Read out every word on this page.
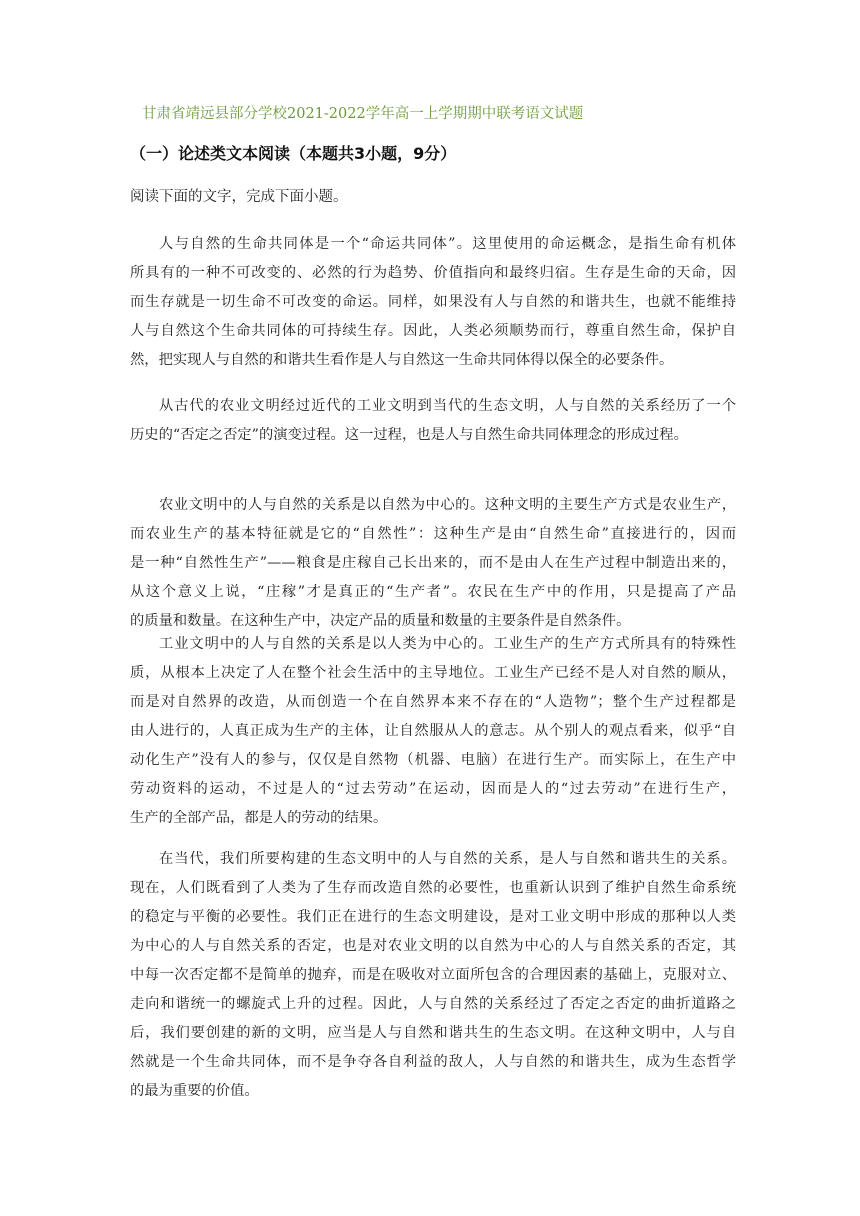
甘肃省靖远县部分学校2021-2022学年高一上学期期中联考语文试题
（一）论述类文本阅读（本题共3小题，9分）
阅读下面的文字，完成下面小题。
人与自然的生命共同体是一个“命运共同体”。这里使用的命运概念，是指生命有机体
所具有的一种不可改变的、必然的行为趋势、价值指向和最终归宿。生存是生命的天命，因
而生存就是一切生命不可改变的命运。同样，如果没有人与自然的和谐共生，也就不能维持
人与自然这个生命共同体的可持续生存。因此，人类必须顺势而行，尊重自然生命，保护自
然，把实现人与自然的和谐共生看作是人与自然这一生命共同体得以保全的必要条件。
从古代的农业文明经过近代的工业文明到当代的生态文明，人与自然的关系经历了一个
历史的“否定之否定”的演变过程。这一过程，也是人与自然生命共同体理念的形成过程。
农业文明中的人与自然的关系是以自然为中心的。这种文明的主要生产方式是农业生产，
而农业生产的基本特征就是它的“自然性”：这种生产是由“自然生命”直接进行的，因而
是一种“自然性生产”——粮食是庄稼自己长出来的，而不是由人在生产过程中制造出来的，
从这个意义上说，“庄稼”才是真正的“生产者”。农民在生产中的作用，只是提高了产品
的质量和数量。在这种生产中，决定产品的质量和数量的主要条件是自然条件。
工业文明中的人与自然的关系是以人类为中心的。工业生产的生产方式所具有的特殊性
质，从根本上决定了人在整个社会生活中的主导地位。工业生产已经不是人对自然的顺从，
而是对自然界的改造，从而创造一个在自然界本来不存在的“人造物”；整个生产过程都是
由人进行的，人真正成为生产的主体，让自然服从人的意志。从个别人的观点看来，似乎“自
动化生产”没有人的参与，仅仅是自然物（机器、电脑）在进行生产。而实际上，在生产中
劳动资料的运动，不过是人的“过去劳动”在运动，因而是人的“过去劳动”在进行生产，
生产的全部产品，都是人的劳动的结果。
在当代，我们所要构建的生态文明中的人与自然的关系，是人与自然和谐共生的关系。
现在，人们既看到了人类为了生存而改造自然的必要性，也重新认识到了维护自然生命系统
的稳定与平衡的必要性。我们正在进行的生态文明建设，是对工业文明中形成的那种以人类
为中心的人与自然关系的否定，也是对农业文明的以自然为中心的人与自然关系的否定，其
中每一次否定都不是简单的抛弃，而是在吸收对立面所包含的合理因素的基础上，克服对立、
走向和谐统一的螺旋式上升的过程。因此，人与自然的关系经过了否定之否定的曲折道路之
后，我们要创建的新的文明，应当是人与自然和谐共生的生态文明。在这种文明中，人与自
然就是一个生命共同体，而不是争夺各自利益的敌人，人与自然的和谐共生，成为生态哲学
的最为重要的价值。
